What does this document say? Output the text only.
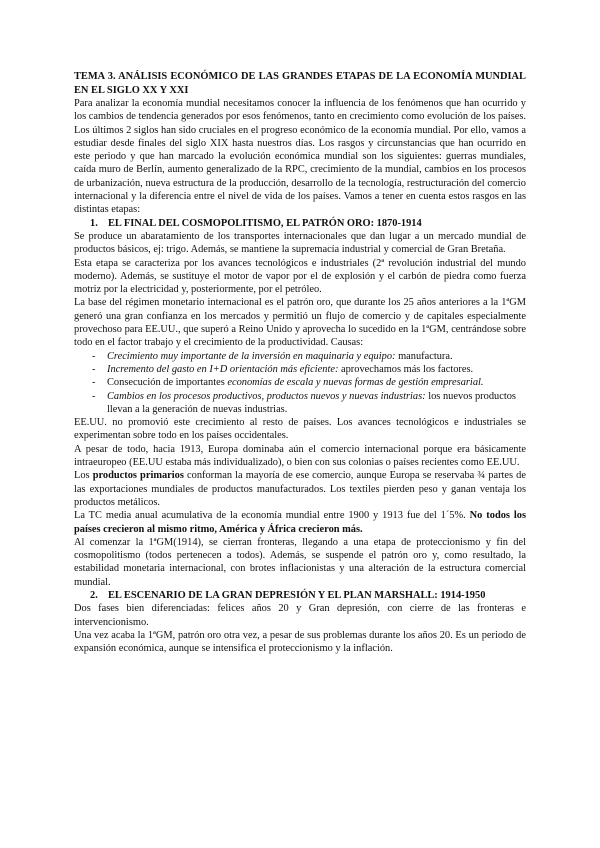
TEMA 3. ANÁLISIS ECONÓMICO DE LAS GRANDES ETAPAS DE LA ECONOMÍA MUNDIAL EN EL SIGLO XX Y XXI

Para analizar la economía mundial necesitamos conocer la influencia de los fenómenos que han ocurrido y los cambios de tendencia generados por esos fenómenos, tanto en crecimiento como evolución de los países. Los últimos 2 siglos han sido cruciales en el progreso económico de la economía mundial. Por ello, vamos a estudiar desde finales del siglo XIX hasta nuestros días. Los rasgos y circunstancias que han ocurrido en este periodo y que han marcado la evolución económica mundial son los siguientes: guerras mundiales, caída muro de Berlín, aumento generalizado de la RPC, crecimiento de la mundial, cambios en los procesos de urbanización, nueva estructura de la producción, desarrollo de la tecnología, restructuración del comercio internacional y la diferencia entre el nivel de vida de los países. Vamos a tener en cuenta estos rasgos en las distintas etapas:

1. EL FINAL DEL COSMOPOLITISMO, EL PATRÓN ORO: 1870-1914

Se produce un abaratamiento de los transportes internacionales que dan lugar a un mercado mundial de productos básicos, ej: trigo. Además, se mantiene la supremacía industrial y comercial de Gran Bretaña.

Esta etapa se caracteriza por los avances tecnológicos e industriales (2ª revolución industrial del mundo moderno). Además, se sustituye el motor de vapor por el de explosión y el carbón de piedra como fuerza motriz por la electricidad y, posteriormente, por el petróleo.

La base del régimen monetario internacional es el patrón oro, que durante los 25 años anteriores a la 1ªGM generó una gran confianza en los mercados y permitió un flujo de comercio y de capitales especialmente provechoso para EE.UU., que superó a Reino Unido y aprovecha lo sucedido en la 1ªGM, centrándose sobre todo en el factor trabajo y el crecimiento de la productividad. Causas:

- Crecimiento muy importante de la inversión en maquinaria y equipo: manufactura.
- Incremento del gasto en I+D orientación más eficiente: aprovechamos más los factores.
- Consecución de importantes economías de escala y nuevas formas de gestión empresarial.
- Cambios en los procesos productivos, productos nuevos y nuevas industrias: los nuevos productos llevan a la generación de nuevas industrias.

EE.UU. no promovió este crecimiento al resto de países. Los avances tecnológicos e industriales se experimentan sobre todo en los países occidentales.

A pesar de todo, hacia 1913, Europa dominaba aún el comercio internacional porque era básicamente intraeuropeo (EE.UU estaba más individualizado), o bien con sus colonias o países recientes como EE.UU.

Los productos primarios conforman la mayoría de ese comercio, aunque Europa se reservaba ¾ partes de las exportaciones mundiales de productos manufacturados. Los textiles pierden peso y ganan ventaja los productos metálicos.

La TC media anual acumulativa de la economía mundial entre 1900 y 1913 fue del 1´5%. No todos los países crecieron al mismo ritmo, América y África crecieron más.

Al comenzar la 1ªGM(1914), se cierran fronteras, llegando a una etapa de proteccionismo y fin del cosmopolitismo (todos pertenecen a todos). Además, se suspende el patrón oro y, como resultado, la estabilidad monetaria internacional, con brotes inflacionistas y una alteración de la estructura comercial mundial.

2. EL ESCENARIO DE LA GRAN DEPRESIÓN Y EL PLAN MARSHALL: 1914-1950

Dos fases bien diferenciadas: felices años 20 y Gran depresión, con cierre de las fronteras e intervencionismo.

Una vez acaba la 1ªGM, patrón oro otra vez, a pesar de sus problemas durante los años 20. Es un periodo de expansión económica, aunque se intensifica el proteccionismo y la inflación.
